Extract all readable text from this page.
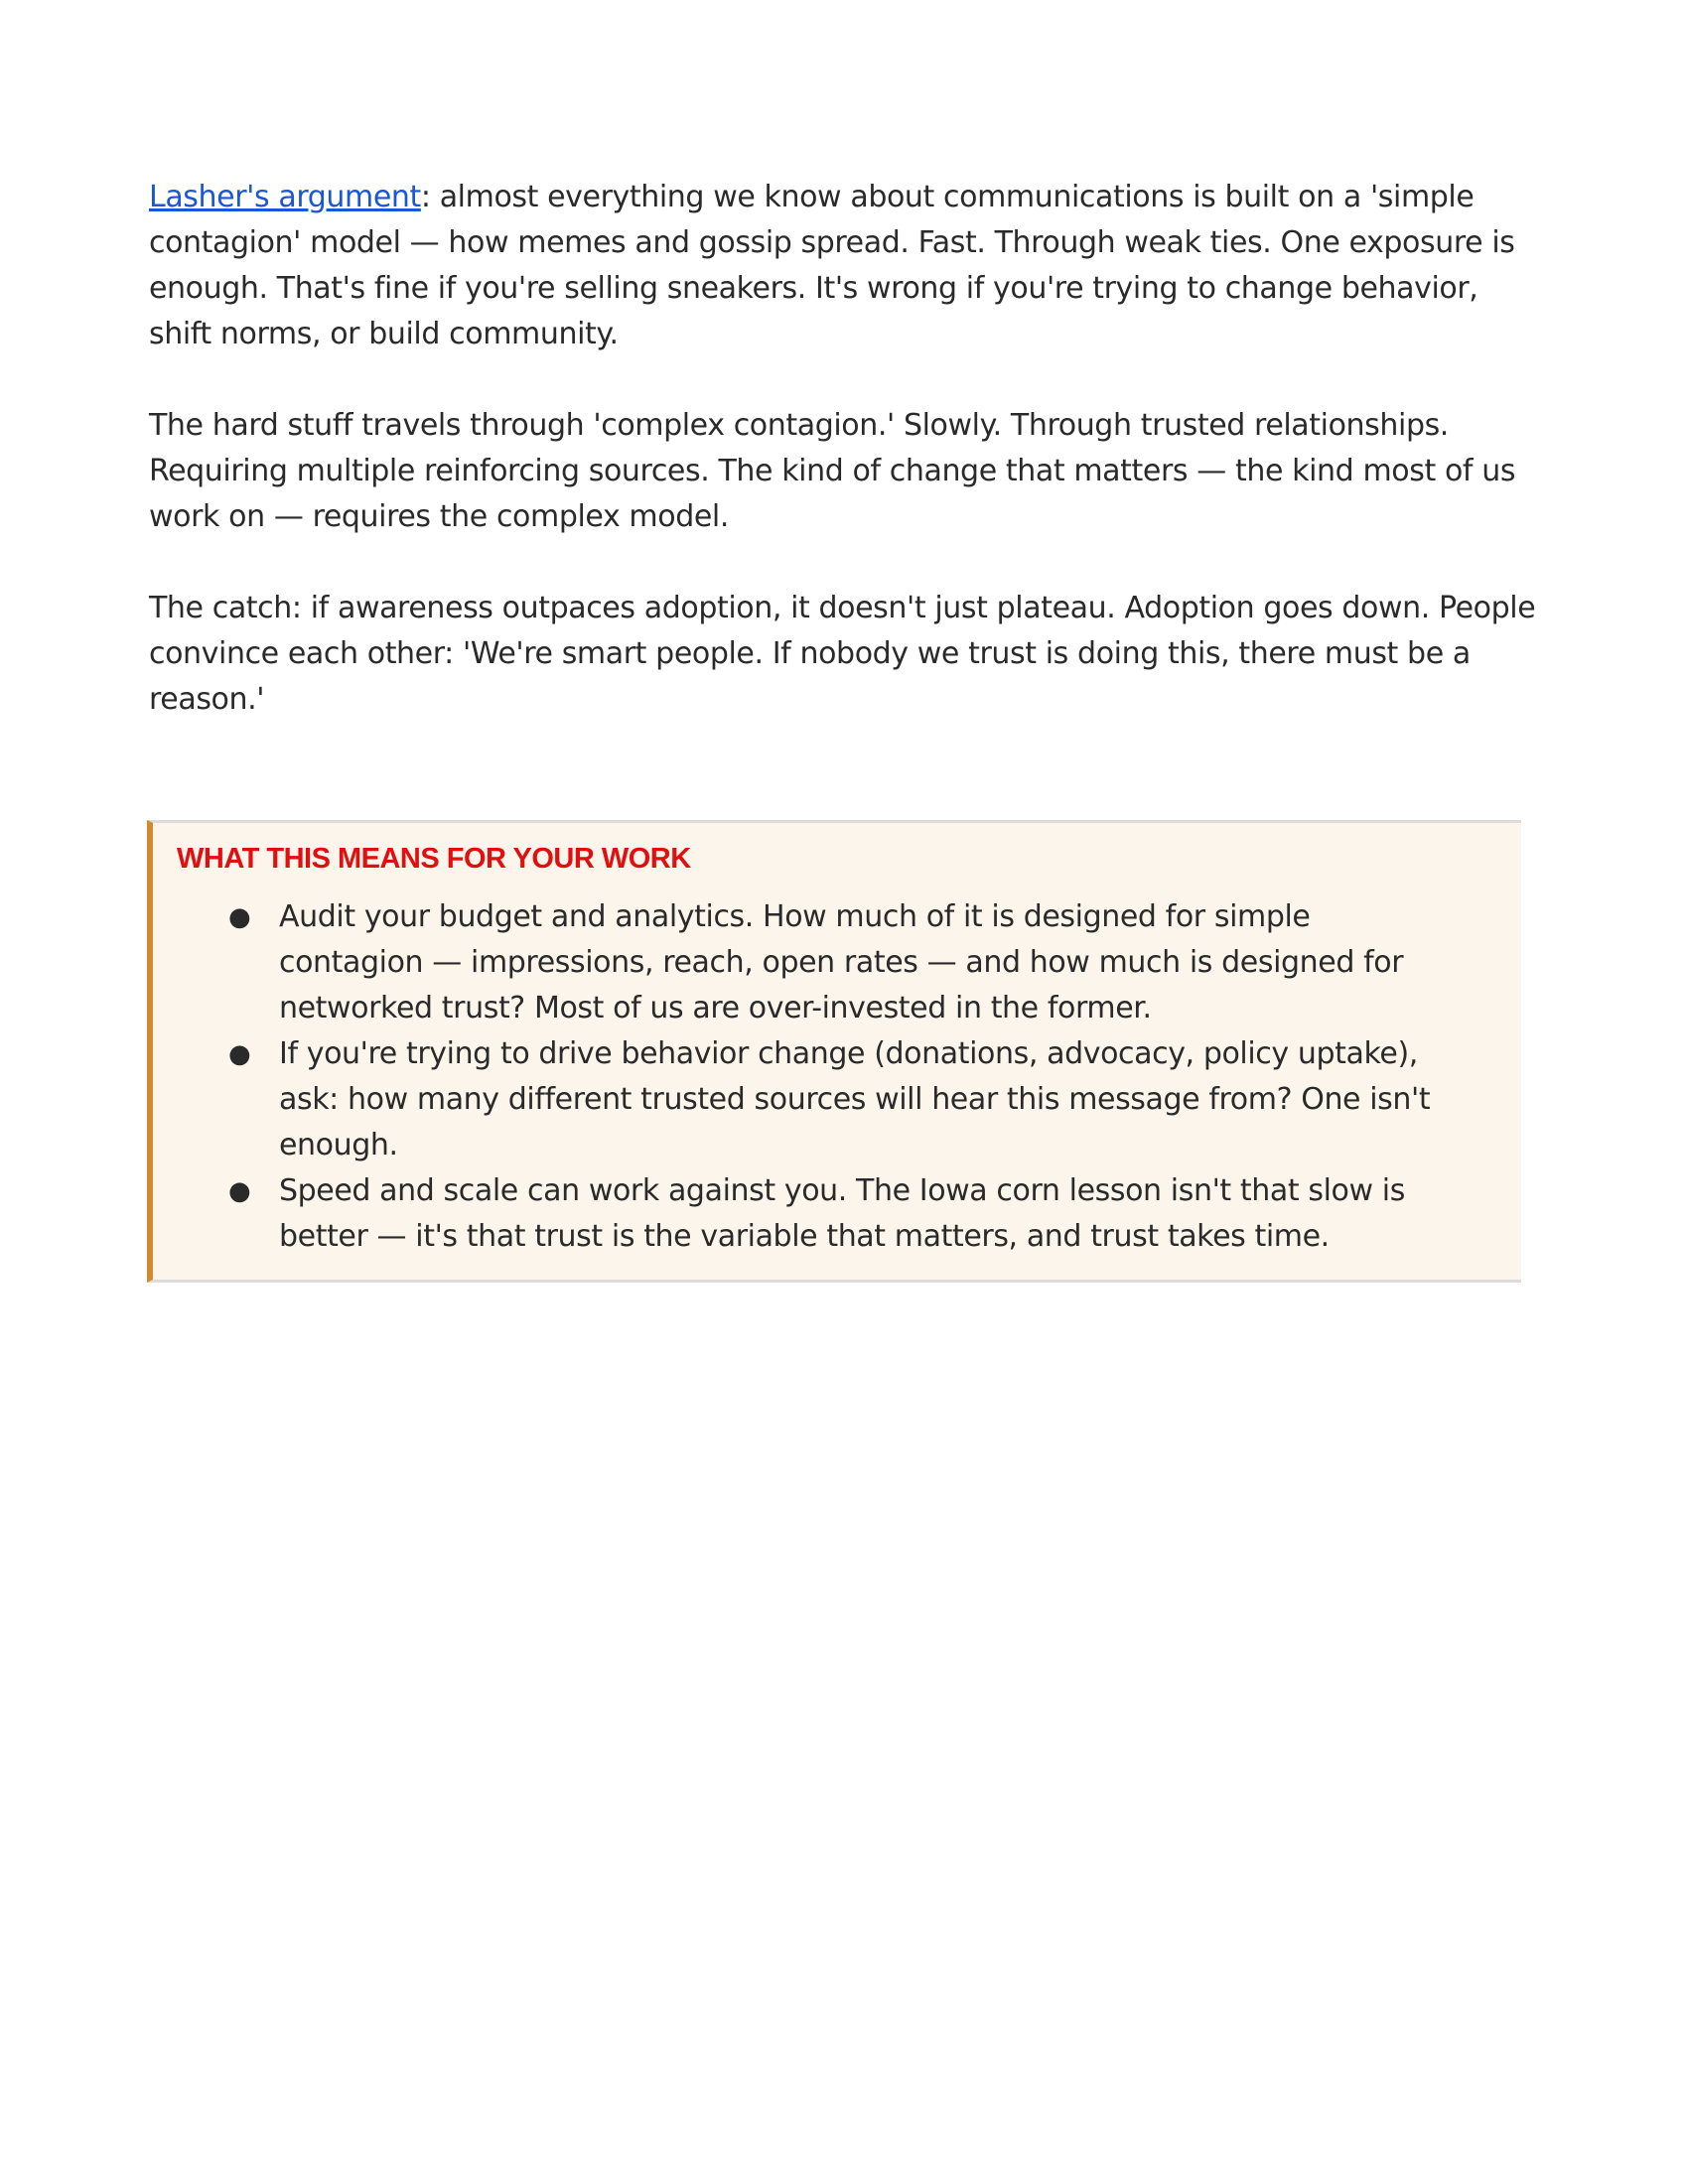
Lasher's argument: almost everything we know about communications is built on a 'simple contagion' model — how memes and gossip spread. Fast. Through weak ties. One exposure is enough. That's fine if you're selling sneakers. It's wrong if you're trying to change behavior, shift norms, or build community.

The hard stuff travels through 'complex contagion.' Slowly. Through trusted relationships. Requiring multiple reinforcing sources. The kind of change that matters — the kind most of us work on — requires the complex model.

The catch: if awareness outpaces adoption, it doesn't just plateau. Adoption goes down. People convince each other: 'We're smart people. If nobody we trust is doing this, there must be a reason.'

WHAT THIS MEANS FOR YOUR WORK
● Audit your budget and analytics. How much of it is designed for simple contagion — impressions, reach, open rates — and how much is designed for networked trust? Most of us are over-invested in the former.
● If you're trying to drive behavior change (donations, advocacy, policy uptake), ask: how many different trusted sources will hear this message from? One isn't enough.
● Speed and scale can work against you. The Iowa corn lesson isn't that slow is better — it's that trust is the variable that matters, and trust takes time.
